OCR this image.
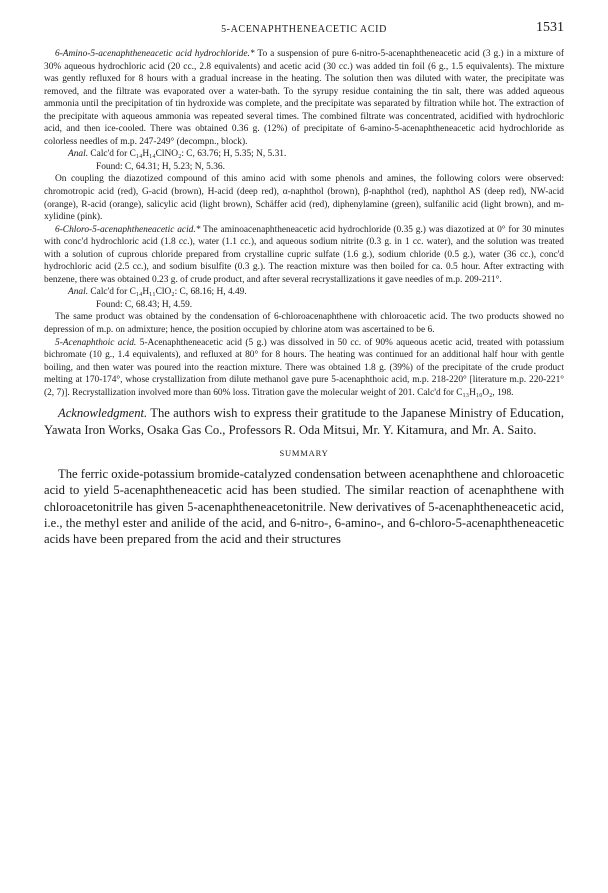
5-ACENAPHTHENEACETIC ACID	1531

6-Amino-5-acenaphtheneacetic acid hydrochloride.* To a suspension of pure 6-nitro-5-acenaphtheneacetic acid (3 g.) in a mixture of 30% aqueous hydrochloric acid (20 cc., 2.8 equivalents) and acetic acid (30 cc.) was added tin foil (6 g., 1.5 equivalents). The mixture was gently refluxed for 8 hours with a gradual increase in the heating. The solution then was diluted with water, the precipitate was removed, and the filtrate was evaporated over a water-bath. To the syrupy residue containing the tin salt, there was added aqueous ammonia until the precipitation of tin hydroxide was complete, and the precipitate was separated by filtration while hot. The extraction of the precipitate with aqueous ammonia was repeated several times. The combined filtrate was concentrated, acidified with hydrochloric acid, and then ice-cooled. There was obtained 0.36 g. (12%) of precipitate of 6-amino-5-acenaphtheneacetic acid hydrochloride as colorless needles of m.p. 247-249° (decompn., block).

Anal. Calc'd for C₁₄H₁₄ClNO₂: C, 63.76; H, 5.35; N, 5.31.

Found: C, 64.31; H, 5.23; N, 5.36.

On coupling the diazotized compound of this amino acid with some phenols and amines, the following colors were observed: chromotropic acid (red), G-acid (brown), H-acid (deep red), α-naphthol (brown), β-naphthol (red), naphthol AS (deep red), NW-acid (orange), R-acid (orange), salicylic acid (light brown), Schäffer acid (red), diphenylamine (green), sulfanilic acid (light brown), and m-xylidine (pink).

6-Chloro-5-acenaphtheneacetic acid.* The aminoacenaphtheneacetic acid hydrochloride (0.35 g.) was diazotized at 0° for 30 minutes with conc'd hydrochloric acid (1.8 cc.), water (1.1 cc.), and aqueous sodium nitrite (0.3 g. in 1 cc. water), and the solution was treated with a solution of cuprous chloride prepared from crystalline cupric sulfate (1.6 g.), sodium chloride (0.5 g.), water (36 cc.), conc'd hydrochloric acid (2.5 cc.), and sodium bisulfite (0.3 g.). The reaction mixture was then boiled for ca. 0.5 hour. After extracting with benzene, there was obtained 0.23 g. of crude product, and after several recrystallizations it gave needles of m.p. 209-211°.

Anal. Calc'd for C₁₄H₁₁ClO₂: C, 68.16; H, 4.49.

Found: C, 68.43; H, 4.59.

The same product was obtained by the condensation of 6-chloroacenaphthene with chloroacetic acid. The two products showed no depression of m.p. on admixture; hence, the position occupied by chlorine atom was ascertained to be 6.

5-Acenaphthoic acid. 5-Acenaphtheneacetic acid (5 g.) was dissolved in 50 cc. of 90% aqueous acetic acid, treated with potassium bichromate (10 g., 1.4 equivalents), and refluxed at 80° for 8 hours. The heating was continued for an additional half hour with gentle boiling, and then water was poured into the reaction mixture. There was obtained 1.8 g. (39%) of the precipitate of the crude product melting at 170-174°, whose crystallization from dilute methanol gave pure 5-acenaphthoic acid, m.p. 218-220° [literature m.p. 220-221° (2, 7)]. Recrystallization involved more than 60% loss. Titration gave the molecular weight of 201. Calc'd for C₁₃H₁₀O₂, 198.

Acknowledgment. The authors wish to express their gratitude to the Japanese Ministry of Education, Yawata Iron Works, Osaka Gas Co., Professors R. Oda Mitsui, Mr. Y. Kitamura, and Mr. A. Saito.

SUMMARY

The ferric oxide-potassium bromide-catalyzed condensation between acenaphthene and chloroacetic acid to yield 5-acenaphtheneacetic acid has been studied. The similar reaction of acenaphthene with chloroacetonitrile has given 5-acenaphtheneacetonitrile. New derivatives of 5-acenaphtheneacetic acid, i.e., the methyl ester and anilide of the acid, and 6-nitro-, 6-amino-, and 6-chloro-5-acenaphtheneacetic acids have been prepared from the acid and their structures
